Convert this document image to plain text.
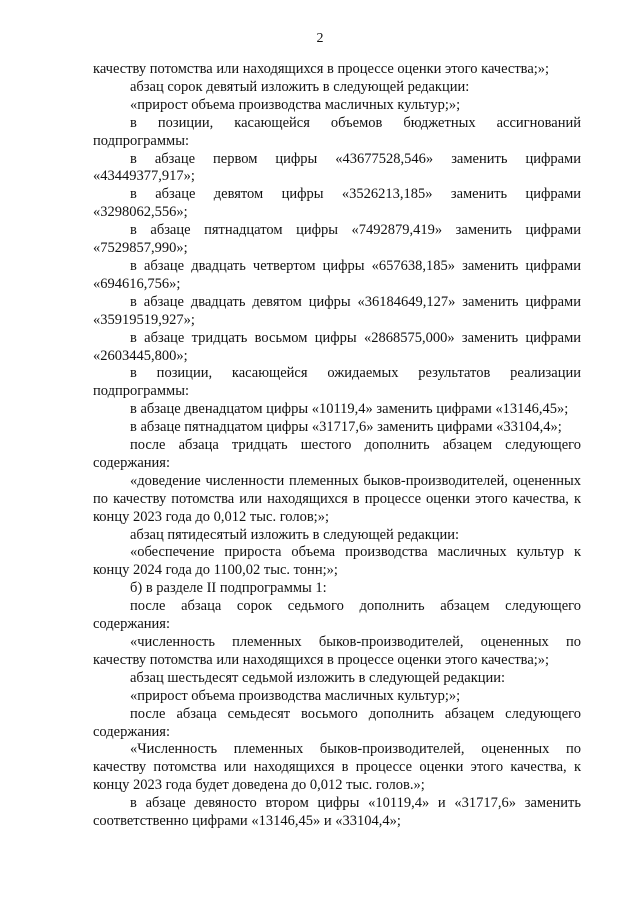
2

качеству потомства или находящихся в процессе оценки этого качества;»;

абзац сорок девятый изложить в следующей редакции:

«прирост объема производства масличных культур;»;

в позиции, касающейся объемов бюджетных ассигнований подпрограммы:

в абзаце первом цифры «43677528,546» заменить цифрами «43449377,917»;

в абзаце девятом цифры «3526213,185» заменить цифрами «3298062,556»;

в абзаце пятнадцатом цифры «7492879,419» заменить цифрами «7529857,990»;

в абзаце двадцать четвертом цифры «657638,185» заменить цифрами «694616,756»;

в абзаце двадцать девятом цифры «36184649,127» заменить цифрами «35919519,927»;

в абзаце тридцать восьмом цифры «2868575,000» заменить цифрами «2603445,800»;

в позиции, касающейся ожидаемых результатов реализации подпрограммы:

в абзаце двенадцатом цифры «10119,4» заменить цифрами «13146,45»;

в абзаце пятнадцатом цифры «31717,6» заменить цифрами «33104,4»;

после абзаца тридцать шестого дополнить абзацем следующего содержания:

«доведение численности племенных быков-производителей, оцененных по качеству потомства или находящихся в процессе оценки этого качества, к концу 2023 года до 0,012 тыс. голов;»;

абзац пятидесятый изложить в следующей редакции:

«обеспечение прироста объема производства масличных культур к концу 2024 года до 1100,02 тыс. тонн;»;

б) в разделе II подпрограммы 1:

после абзаца сорок седьмого дополнить абзацем следующего содержания:

«численность племенных быков-производителей, оцененных по качеству потомства или находящихся в процессе оценки этого качества;»;

абзац шестьдесят седьмой изложить в следующей редакции:

«прирост объема производства масличных культур;»;

после абзаца семьдесят восьмого дополнить абзацем следующего содержания:

«Численность племенных быков-производителей, оцененных по качеству потомства или находящихся в процессе оценки этого качества, к концу 2023 года будет доведена до 0,012 тыс. голов.»;

в абзаце девяносто втором цифры «10119,4» и «31717,6» заменить соответственно цифрами «13146,45» и «33104,4»;
